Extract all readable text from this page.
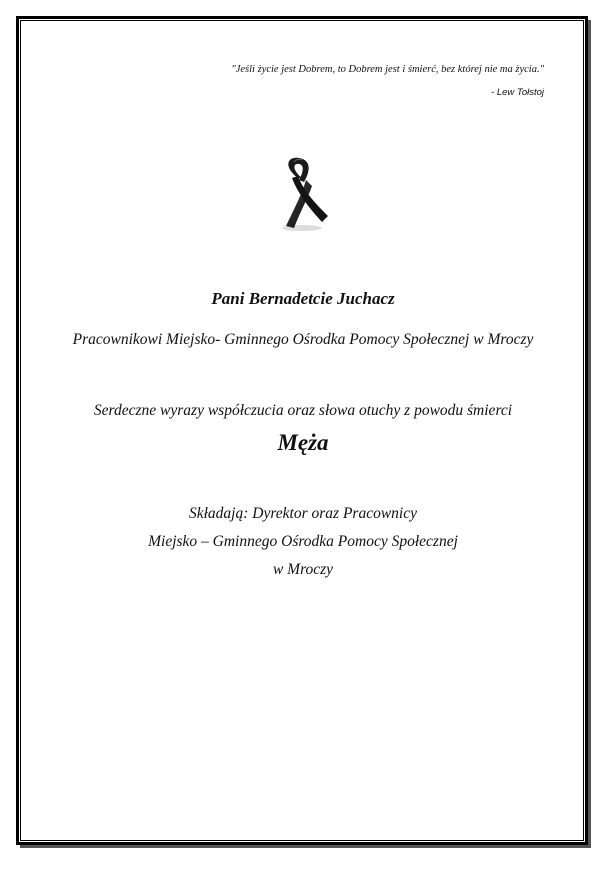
"Jeśli życie jest Dobrem, to Dobrem jest i śmierć, bez której nie ma życia."
- Lew Tołstoj
Pani Bernadetcie Juchacz
Pracownikowi Miejsko- Gminnego Ośrodka Pomocy Społecznej w Mroczy
Serdeczne wyrazy współczucia oraz słowa otuchy z powodu śmierci
Męża
Składają: Dyrektor oraz Pracownicy
Miejsko – Gminnego Ośrodka Pomocy Społecznej
w Mroczy
